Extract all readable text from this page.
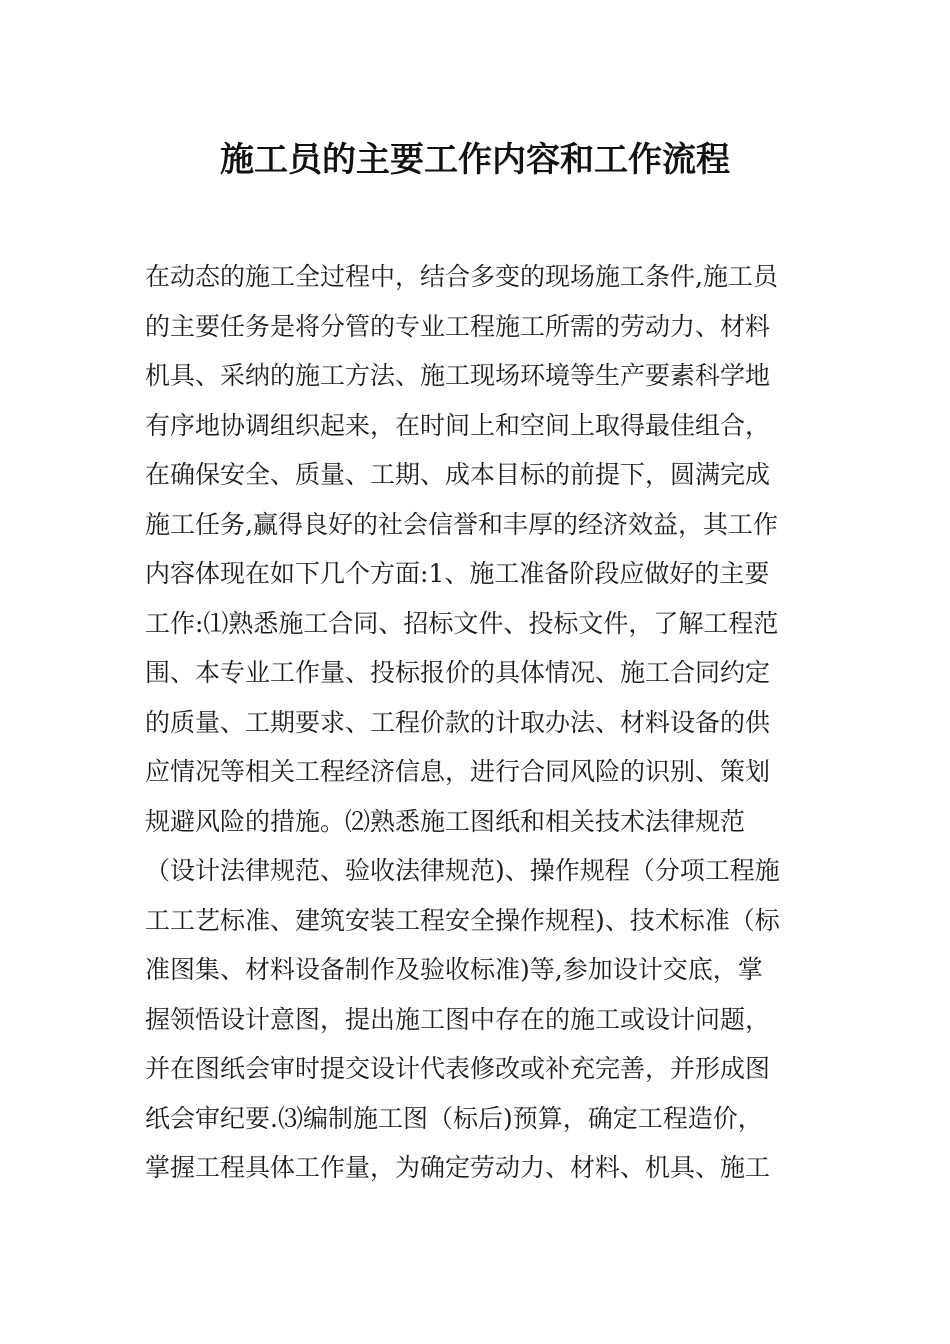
施工员的主要工作内容和工作流程
在动态的施工全过程中，结合多变的现场施工条件,施工员
的主要任务是将分管的专业工程施工所需的劳动力、材料
机具、采纳的施工方法、施工现场环境等生产要素科学地
有序地协调组织起来，在时间上和空间上取得最佳组合，
在确保安全、质量、工期、成本目标的前提下，圆满完成
施工任务,赢得良好的社会信誉和丰厚的经济效益，其工作
内容体现在如下几个方面:1、施工准备阶段应做好的主要
工作:⑴熟悉施工合同、招标文件、投标文件，了解工程范
围、本专业工作量、投标报价的具体情况、施工合同约定
的质量、工期要求、工程价款的计取办法、材料设备的供
应情况等相关工程经济信息，进行合同风险的识别、策划
规避风险的措施。⑵熟悉施工图纸和相关技术法律规范
（设计法律规范、验收法律规范)、操作规程（分项工程施
工工艺标准、建筑安装工程安全操作规程)、技术标准（标
准图集、材料设备制作及验收标准)等,参加设计交底，掌
握领悟设计意图，提出施工图中存在的施工或设计问题，
并在图纸会审时提交设计代表修改或补充完善，并形成图
纸会审纪要.⑶编制施工图（标后)预算，确定工程造价，
掌握工程具体工作量，为确定劳动力、材料、机具、施工
